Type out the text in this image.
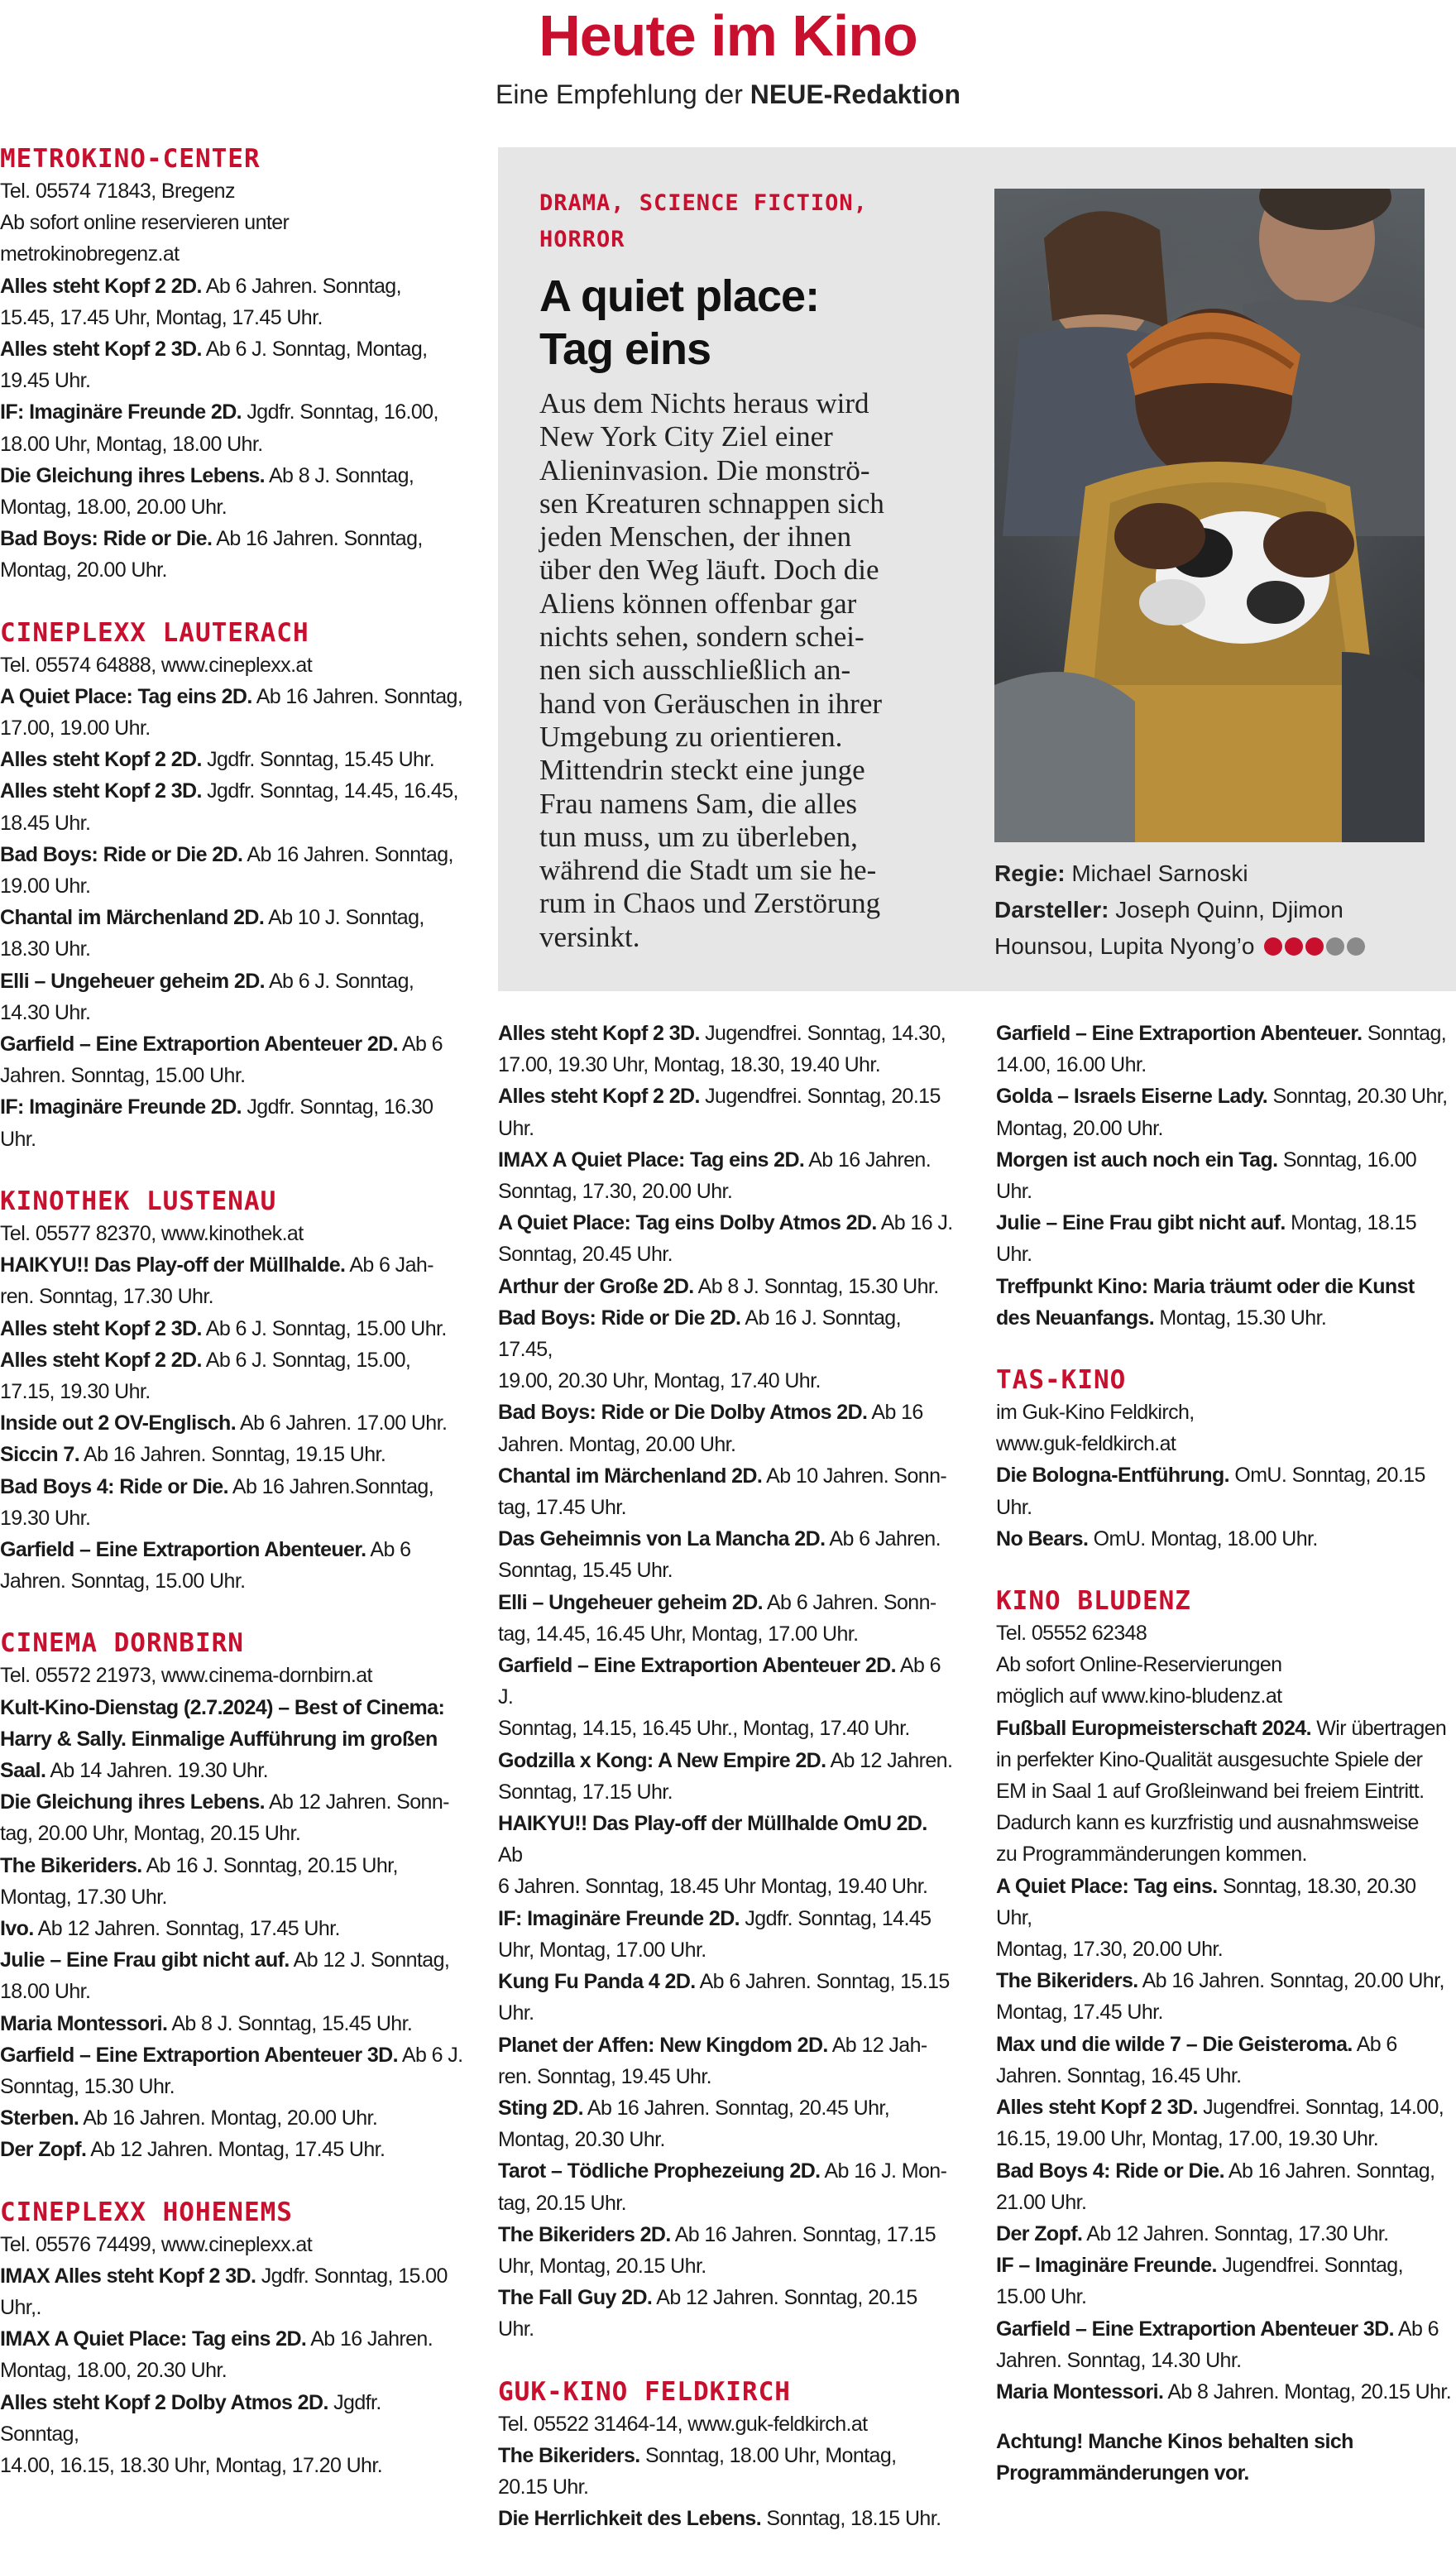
Heute im Kino
Eine Empfehlung der NEUE-Redaktion
METROKINO-CENTER
Tel. 05574 71843, Bregenz
Ab sofort online reservieren unter
metrokinobregenz.at
Alles steht Kopf 2 2D. Ab 6 Jahren. Sonntag,
15.45, 17.45 Uhr, Montag, 17.45 Uhr.
Alles steht Kopf 2 3D. Ab 6 J. Sonntag, Montag,
19.45 Uhr.
IF: Imaginäre Freunde 2D. Jgdfr. Sonntag, 16.00,
18.00 Uhr, Montag, 18.00 Uhr.
Die Gleichung ihres Lebens. Ab 8 J. Sonntag,
Montag, 18.00, 20.00 Uhr.
Bad Boys: Ride or Die. Ab 16 Jahren. Sonntag,
Montag, 20.00 Uhr.
CINEPLEXX LAUTERACH
Tel. 05574 64888, www.cineplexx.at
A Quiet Place: Tag eins 2D. Ab 16 Jahren. Sonntag,
17.00, 19.00 Uhr.
Alles steht Kopf 2 2D. Jgdfr. Sonntag, 15.45 Uhr.
Alles steht Kopf 2 3D. Jgdfr. Sonntag, 14.45, 16.45,
18.45 Uhr.
Bad Boys: Ride or Die 2D. Ab 16 Jahren. Sonntag,
19.00 Uhr.
Chantal im Märchenland 2D. Ab 10 J. Sonntag,
18.30 Uhr.
Elli – Ungeheuer geheim 2D. Ab 6 J. Sonntag,
14.30 Uhr.
Garfield – Eine Extraportion Abenteuer 2D. Ab 6
Jahren. Sonntag, 15.00 Uhr.
IF: Imaginäre Freunde 2D. Jgdfr. Sonntag, 16.30
Uhr.
KINOTHEK LUSTENAU
Tel. 05577 82370, www.kinothek.at
HAIKYU!! Das Play-off der Müllhalde. Ab 6 Jah-
ren. Sonntag, 17.30 Uhr.
Alles steht Kopf 2 3D. Ab 6 J. Sonntag, 15.00 Uhr.
Alles steht Kopf 2 2D. Ab 6 J. Sonntag, 15.00,
17.15, 19.30 Uhr.
Inside out 2 OV-Englisch. Ab 6 Jahren. 17.00 Uhr.
Siccin 7. Ab 16 Jahren. Sonntag, 19.15 Uhr.
Bad Boys 4: Ride or Die. Ab 16 Jahren.Sonntag,
19.30 Uhr.
Garfield – Eine Extraportion Abenteuer. Ab 6
Jahren. Sonntag, 15.00 Uhr.
CINEMA DORNBIRN
Tel. 05572 21973, www.cinema-dornbirn.at
Kult-Kino-Dienstag (2.7.2024) – Best of Cinema:
Harry & Sally. Einmalige Aufführung im großen
Saal. Ab 14 Jahren. 19.30 Uhr.
Die Gleichung ihres Lebens. Ab 12 Jahren. Sonn-
tag, 20.00 Uhr, Montag, 20.15 Uhr.
The Bikeriders. Ab 16 J. Sonntag, 20.15 Uhr,
Montag, 17.30 Uhr.
Ivo. Ab 12 Jahren. Sonntag, 17.45 Uhr.
Julie – Eine Frau gibt nicht auf. Ab 12 J. Sonntag,
18.00 Uhr.
Maria Montessori. Ab 8 J. Sonntag, 15.45 Uhr.
Garfield – Eine Extraportion Abenteuer 3D. Ab 6 J.
Sonntag, 15.30 Uhr.
Sterben. Ab 16 Jahren. Montag, 20.00 Uhr.
Der Zopf. Ab 12 Jahren. Montag, 17.45 Uhr.
CINEPLEXX HOHENEMS
Tel. 05576 74499, www.cineplexx.at
IMAX Alles steht Kopf 2 3D. Jgdfr. Sonntag, 15.00
Uhr,.
IMAX A Quiet Place: Tag eins 2D. Ab 16 Jahren.
Montag, 18.00, 20.30 Uhr.
Alles steht Kopf 2 Dolby Atmos 2D. Jgdfr. Sonntag,
14.00, 16.15, 18.30 Uhr, Montag, 17.20 Uhr.
DRAMA, SCIENCE FICTION,
HORROR
A quiet place:
Tag eins
Aus dem Nichts heraus wird
New York City Ziel einer
Alieninvasion. Die monströ-
sen Kreaturen schnappen sich
jeden Menschen, der ihnen
über den Weg läuft. Doch die
Aliens können offenbar gar
nichts sehen, sondern schei-
nen sich ausschließlich an-
hand von Geräuschen in ihrer
Umgebung zu orientieren.
Mittendrin steckt eine junge
Frau namens Sam, die alles
tun muss, um zu überleben,
während die Stadt um sie he-
rum in Chaos und Zerstörung
versinkt.
Regie: Michael Sarnoski
Darsteller: Joseph Quinn, Djimon
Hounsou, Lupita Nyong’o
Alles steht Kopf 2 3D. Jugendfrei. Sonntag, 14.30,
17.00, 19.30 Uhr, Montag, 18.30, 19.40 Uhr.
Alles steht Kopf 2 2D. Jugendfrei. Sonntag, 20.15
Uhr.
IMAX A Quiet Place: Tag eins 2D. Ab 16 Jahren.
Sonntag, 17.30, 20.00 Uhr.
A Quiet Place: Tag eins Dolby Atmos 2D. Ab 16 J.
Sonntag, 20.45 Uhr.
Arthur der Große 2D. Ab 8 J. Sonntag, 15.30 Uhr.
Bad Boys: Ride or Die 2D. Ab 16 J. Sonntag, 17.45,
19.00, 20.30 Uhr, Montag, 17.40 Uhr.
Bad Boys: Ride or Die Dolby Atmos 2D. Ab 16
Jahren. Montag, 20.00 Uhr.
Chantal im Märchenland 2D. Ab 10 Jahren. Sonn-
tag, 17.45 Uhr.
Das Geheimnis von La Mancha 2D. Ab 6 Jahren.
Sonntag, 15.45 Uhr.
Elli – Ungeheuer geheim 2D. Ab 6 Jahren. Sonn-
tag, 14.45, 16.45 Uhr, Montag, 17.00 Uhr.
Garfield – Eine Extraportion Abenteuer 2D. Ab 6 J.
Sonntag, 14.15, 16.45 Uhr., Montag, 17.40 Uhr.
Godzilla x Kong: A New Empire 2D. Ab 12 Jahren.
Sonntag, 17.15 Uhr.
HAIKYU!! Das Play-off der Müllhalde OmU 2D. Ab
6 Jahren. Sonntag, 18.45 Uhr Montag, 19.40 Uhr.
IF: Imaginäre Freunde 2D. Jgdfr. Sonntag, 14.45
Uhr, Montag, 17.00 Uhr.
Kung Fu Panda 4 2D. Ab 6 Jahren. Sonntag, 15.15
Uhr.
Planet der Affen: New Kingdom 2D. Ab 12 Jah-
ren. Sonntag, 19.45 Uhr.
Sting 2D. Ab 16 Jahren. Sonntag, 20.45 Uhr,
Montag, 20.30 Uhr.
Tarot – Tödliche Prophezeiung 2D. Ab 16 J. Mon-
tag, 20.15 Uhr.
The Bikeriders 2D. Ab 16 Jahren. Sonntag, 17.15
Uhr, Montag, 20.15 Uhr.
The Fall Guy 2D. Ab 12 Jahren. Sonntag, 20.15 Uhr.
GUK-KINO FELDKIRCH
Tel. 05522 31464-14, www.guk-feldkirch.at
The Bikeriders. Sonntag, 18.00 Uhr, Montag,
20.15 Uhr.
Die Herrlichkeit des Lebens. Sonntag, 18.15 Uhr.
Garfield – Eine Extraportion Abenteuer. Sonntag,
14.00, 16.00 Uhr.
Golda – Israels Eiserne Lady. Sonntag, 20.30 Uhr,
Montag, 20.00 Uhr.
Morgen ist auch noch ein Tag. Sonntag, 16.00 Uhr.
Julie – Eine Frau gibt nicht auf. Montag, 18.15 Uhr.
Treffpunkt Kino: Maria träumt oder die Kunst
des Neuanfangs. Montag, 15.30 Uhr.
TAS-KINO
im Guk-Kino Feldkirch,
www.guk-feldkirch.at
Die Bologna-Entführung. OmU. Sonntag, 20.15 Uhr.
No Bears. OmU. Montag, 18.00 Uhr.
KINO BLUDENZ
Tel. 05552 62348
Ab sofort Online-Reservierungen
möglich auf www.kino-bludenz.at
Fußball Europmeisterschaft 2024. Wir übertragen
in perfekter Kino-Qualität ausgesuchte Spiele der
EM in Saal 1 auf Großleinwand bei freiem Eintritt.
Dadurch kann es kurzfristig und ausnahmsweise
zu Programmänderungen kommen.
A Quiet Place: Tag eins. Sonntag, 18.30, 20.30 Uhr,
Montag, 17.30, 20.00 Uhr.
The Bikeriders. Ab 16 Jahren. Sonntag, 20.00 Uhr,
Montag, 17.45 Uhr.
Max und die wilde 7 – Die Geisteroma. Ab 6
Jahren. Sonntag, 16.45 Uhr.
Alles steht Kopf 2 3D. Jugendfrei. Sonntag, 14.00,
16.15, 19.00 Uhr, Montag, 17.00, 19.30 Uhr.
Bad Boys 4: Ride or Die. Ab 16 Jahren. Sonntag,
21.00 Uhr.
Der Zopf. Ab 12 Jahren. Sonntag, 17.30 Uhr.
IF – Imaginäre Freunde. Jugendfrei. Sonntag,
15.00 Uhr.
Garfield – Eine Extraportion Abenteuer 3D. Ab 6
Jahren. Sonntag, 14.30 Uhr.
Maria Montessori. Ab 8 Jahren. Montag, 20.15 Uhr.
Achtung! Manche Kinos behalten sich
Programmänderungen vor.
